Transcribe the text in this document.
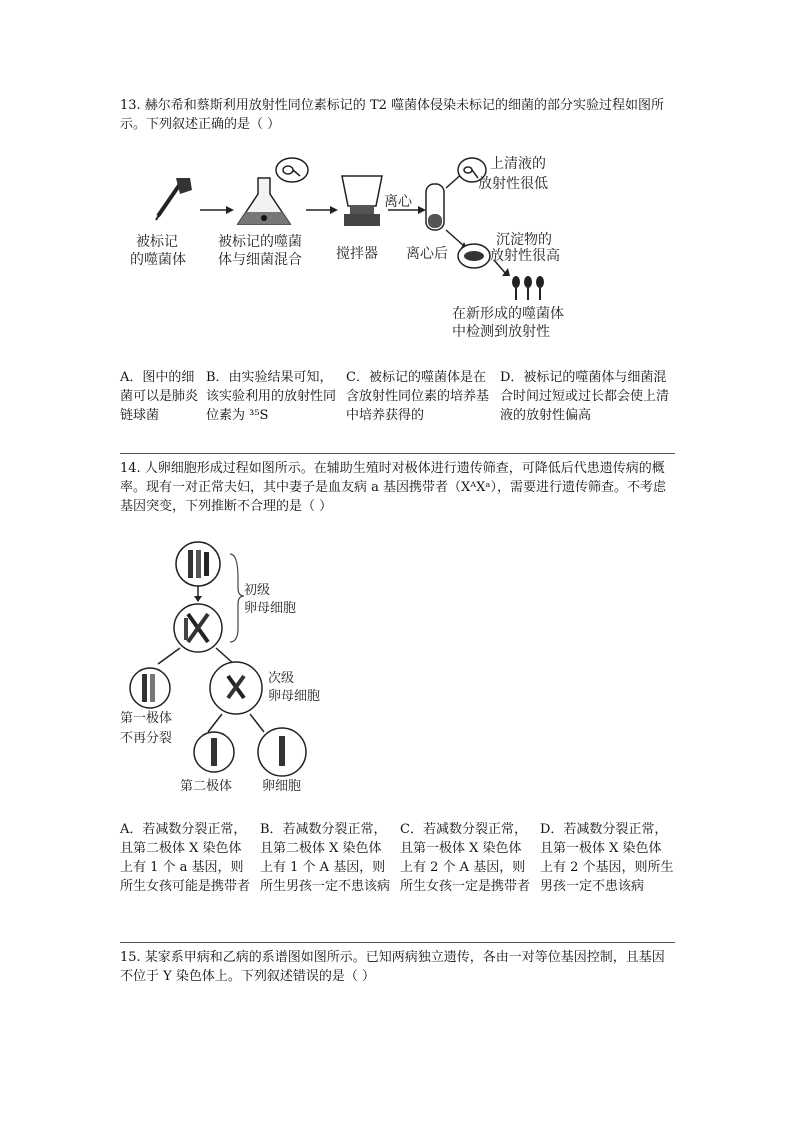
13. 赫尔希和蔡斯利用放射性同位素标记的 T2 噬菌体侵染未标记的细菌的部分实验过程如图所示。下列叙述正确的是（ ）
被标记
的噬菌体
被标记的噬菌
体与细菌混合 搅拌器
离心
离心后
上清液的
放射性很低
沉淀物的
放射性很高
在新形成的噬菌体
中检测到放射性
A．图中的细菌可以是肺炎链球菌
B．由实验结果可知，该实验利用的放射性同位素为 ³⁵S
C．被标记的噬菌体是在含放射性同位素的培养基中培养获得的
D．被标记的噬菌体与细菌混合时间过短或过长都会使上清液的放射性偏高
14. 人卵细胞形成过程如图所示。在辅助生殖时对极体进行遗传筛查，可降低后代患遗传病的概率。现有一对正常夫妇，其中妻子是血友病 a 基因携带者（XᴬXᵃ），需要进行遗传筛查。不考虑基因突变，下列推断不合理的是（ ）
初级
卵母细胞
第一极体
不再分裂
次级
卵母细胞
第二极体 卵细胞
A．若减数分裂正常，且第二极体 X 染色体上有 1 个 a 基因，则所生女孩可能是携带者
B．若减数分裂正常，且第二极体 X 染色体上有 1 个 A 基因，则所生男孩一定不患该病
C．若减数分裂正常，且第一极体 X 染色体上有 2 个 A 基因，则所生女孩一定是携带者
D．若减数分裂正常，且第一极体 X 染色体上有 2 个基因，则所生男孩一定不患该病
15. 某家系甲病和乙病的系谱图如图所示。已知两病独立遗传，各由一对等位基因控制，且基因不位于 Y 染色体上。下列叙述错误的是（ ）
